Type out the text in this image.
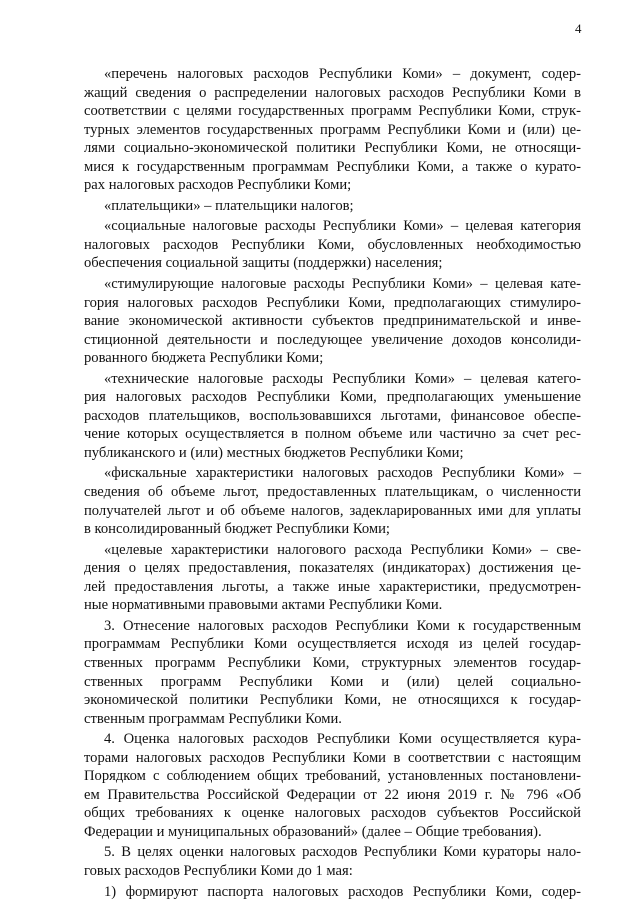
4

«перечень налоговых расходов Республики Коми» – документ, содер-

жащий сведения о распределении налоговых расходов Республики Коми в

соответствии с целями государственных программ Республики Коми, струк-

турных элементов государственных программ Республики Коми и (или) це-

лями социально-экономической политики Республики Коми, не относящи-

мися к государственным программам Республики Коми, а также о курато-

рах налоговых расходов Республики Коми;

«плательщики» – плательщики налогов;

«социальные налоговые расходы Республики Коми» – целевая категория

налоговых расходов Республики Коми, обусловленных необходимостью

обеспечения социальной защиты (поддержки) населения;

«стимулирующие налоговые расходы Республики Коми» – целевая кате-

гория налоговых расходов Республики Коми, предполагающих стимулиро-

вание экономической активности субъектов предпринимательской и инве-

стиционной деятельности и последующее увеличение доходов консолиди-

рованного бюджета Республики Коми;

«технические налоговые расходы Республики Коми» – целевая катего-

рия налоговых расходов Республики Коми, предполагающих уменьшение

расходов плательщиков, воспользовавшихся льготами, финансовое обеспе-

чение которых осуществляется в полном объеме или частично за счет рес-

публиканского и (или) местных бюджетов Республики Коми;

«фискальные характеристики налоговых расходов Республики Коми» –

сведения об объеме льгот, предоставленных плательщикам, о численности

получателей льгот и об объеме налогов, задекларированных ими для уплаты

в консолидированный бюджет Республики Коми;

«целевые характеристики налогового расхода Республики Коми» – све-

дения о целях предоставления, показателях (индикаторах) достижения це-

лей предоставления льготы, а также иные характеристики, предусмотрен-

ные нормативными правовыми актами Республики Коми.

3. Отнесение налоговых расходов Республики Коми к государственным

программам Республики Коми осуществляется исходя из целей государ-

ственных программ Республики Коми, структурных элементов государ-

ственных программ Республики Коми и (или) целей социально-

экономической политики Республики Коми, не относящихся к государ-

ственным программам Республики Коми.

4. Оценка налоговых расходов Республики Коми осуществляется кура-

торами налоговых расходов Республики Коми в соответствии с настоящим

Порядком с соблюдением общих требований, установленных постановлени-

ем Правительства Российской Федерации от 22 июня 2019 г. № 796 «Об

общих требованиях к оценке налоговых расходов субъектов Российской

Федерации и муниципальных образований» (далее – Общие требования).

5. В целях оценки налоговых расходов Республики Коми кураторы нало-

говых расходов Республики Коми до 1 мая:

1) формируют паспорта налоговых расходов Республики Коми, содер-
